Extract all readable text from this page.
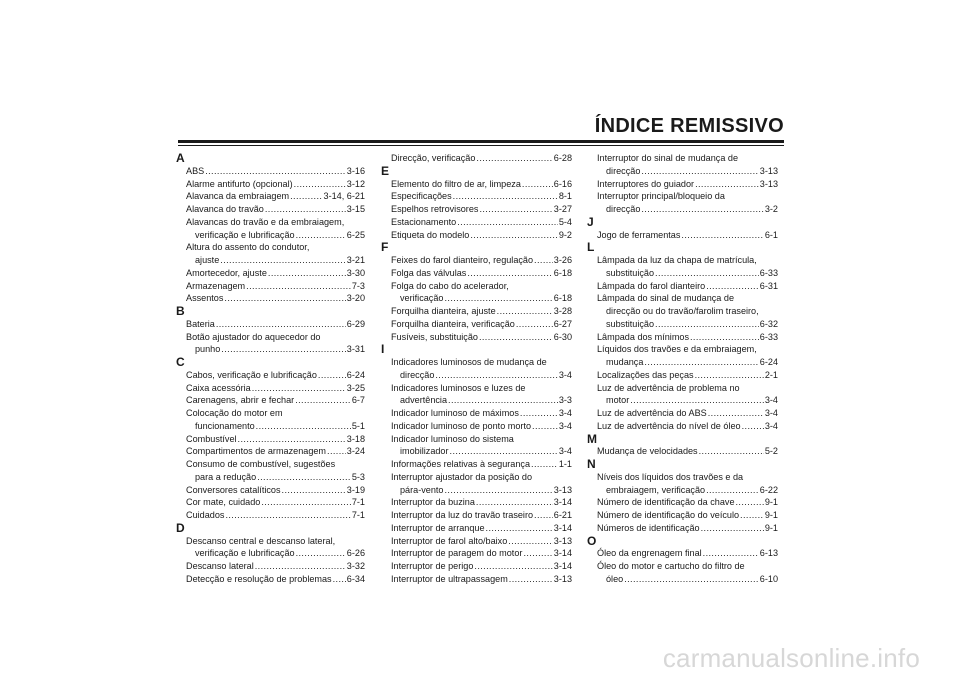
ÍNDICE REMISSIVO
A
ABS .....	3-16
Alarme antifurto (opcional) .....	3-12
Alavanca da embraiagem .....	3-14, 6-21
Alavanca do travão .....	3-15
Alavancas do travão e da embraiagem,
verificação e lubrificação .....	6-25
Altura do assento do condutor,
ajuste .....	3-21
Amortecedor, ajuste .....	3-30
Armazenagem .....	7-3
Assentos .....	3-20
B
Bateria .....	6-29
Botão ajustador do aquecedor do
punho .....	3-31
C
Cabos, verificação e lubrificação .....	6-24
Caixa acessória .....	3-25
Carenagens, abrir e fechar .....	6-7
Colocação do motor em
funcionamento .....	5-1
Combustível .....	3-18
Compartimentos de armazenagem ..... 3-24
Consumo de combustível, sugestões
para a redução .....	5-3
Conversores catalíticos .....	3-19
Cor mate, cuidado .....	7-1
Cuidados .....	7-1
D
Descanso central e descanso lateral,
verificação e lubrificação .....	6-26
Descanso lateral .....	3-32
Detecção e resolução de problemas ..... 6-34
Direcção, verificação .....	6-28
E
Elemento do filtro de ar, limpeza .....	6-16
Especificações .....	8-1
Espelhos retrovisores .....	3-27
Estacionamento .....	5-4
Etiqueta do modelo .....	9-2
F
Feixes do farol dianteiro, regulação ..... 3-26
Folga das válvulas .....	6-18
Folga do cabo do acelerador,
verificação .....	6-18
Forquilha dianteira, ajuste .....	3-28
Forquilha dianteira, verificação .....	6-27
Fusíveis, substituição .....	6-30
I
Indicadores luminosos de mudança de
direcção .....	3-4
Indicadores luminosos e luzes de
advertência .....	3-3
Indicador luminoso de máximos .....	3-4
Indicador luminoso de ponto morto .....	3-4
Indicador luminoso do sistema
imobilizador .....	3-4
Informações relativas à segurança .....	1-1
Interruptor ajustador da posição do
pára-vento .....	3-13
Interruptor da buzina .....	3-14
Interruptor da luz do travão traseiro ..... 6-21
Interruptor de arranque .....	3-14
Interruptor de farol alto/baixo .....	3-13
Interruptor de paragem do motor .....	3-14
Interruptor de perigo .....	3-14
Interruptor de ultrapassagem .....	3-13
Interruptor do sinal de mudança de
direcção .....	3-13
Interruptores do guiador .....	3-13
Interruptor principal/bloqueio da
direcção .....	3-2
J
Jogo de ferramentas .....	6-1
L
Lâmpada da luz da chapa de matrícula,
substituição .....	6-33
Lâmpada do farol dianteiro .....	6-31
Lâmpada do sinal de mudança de
direcção ou do travão/farolim traseiro,
substituição .....	6-32
Lâmpada dos mínimos .....	6-33
Líquidos dos travões e da embraiagem,
mudança .....	6-24
Localizações das peças .....	2-1
Luz de advertência de problema no
motor .....	3-4
Luz de advertência do ABS .....	3-4
Luz de advertência do nível de óleo .....	3-4
M
Mudança de velocidades .....	5-2
N
Níveis dos líquidos dos travões e da
embraiagem, verificação .....	6-22
Número de identificação da chave .....	9-1
Número de identificação do veículo .....	9-1
Números de identificação .....	9-1
O
Óleo da engrenagem final .....	6-13
Óleo do motor e cartucho do filtro de
óleo .....	6-10
carmanualsonline.info
